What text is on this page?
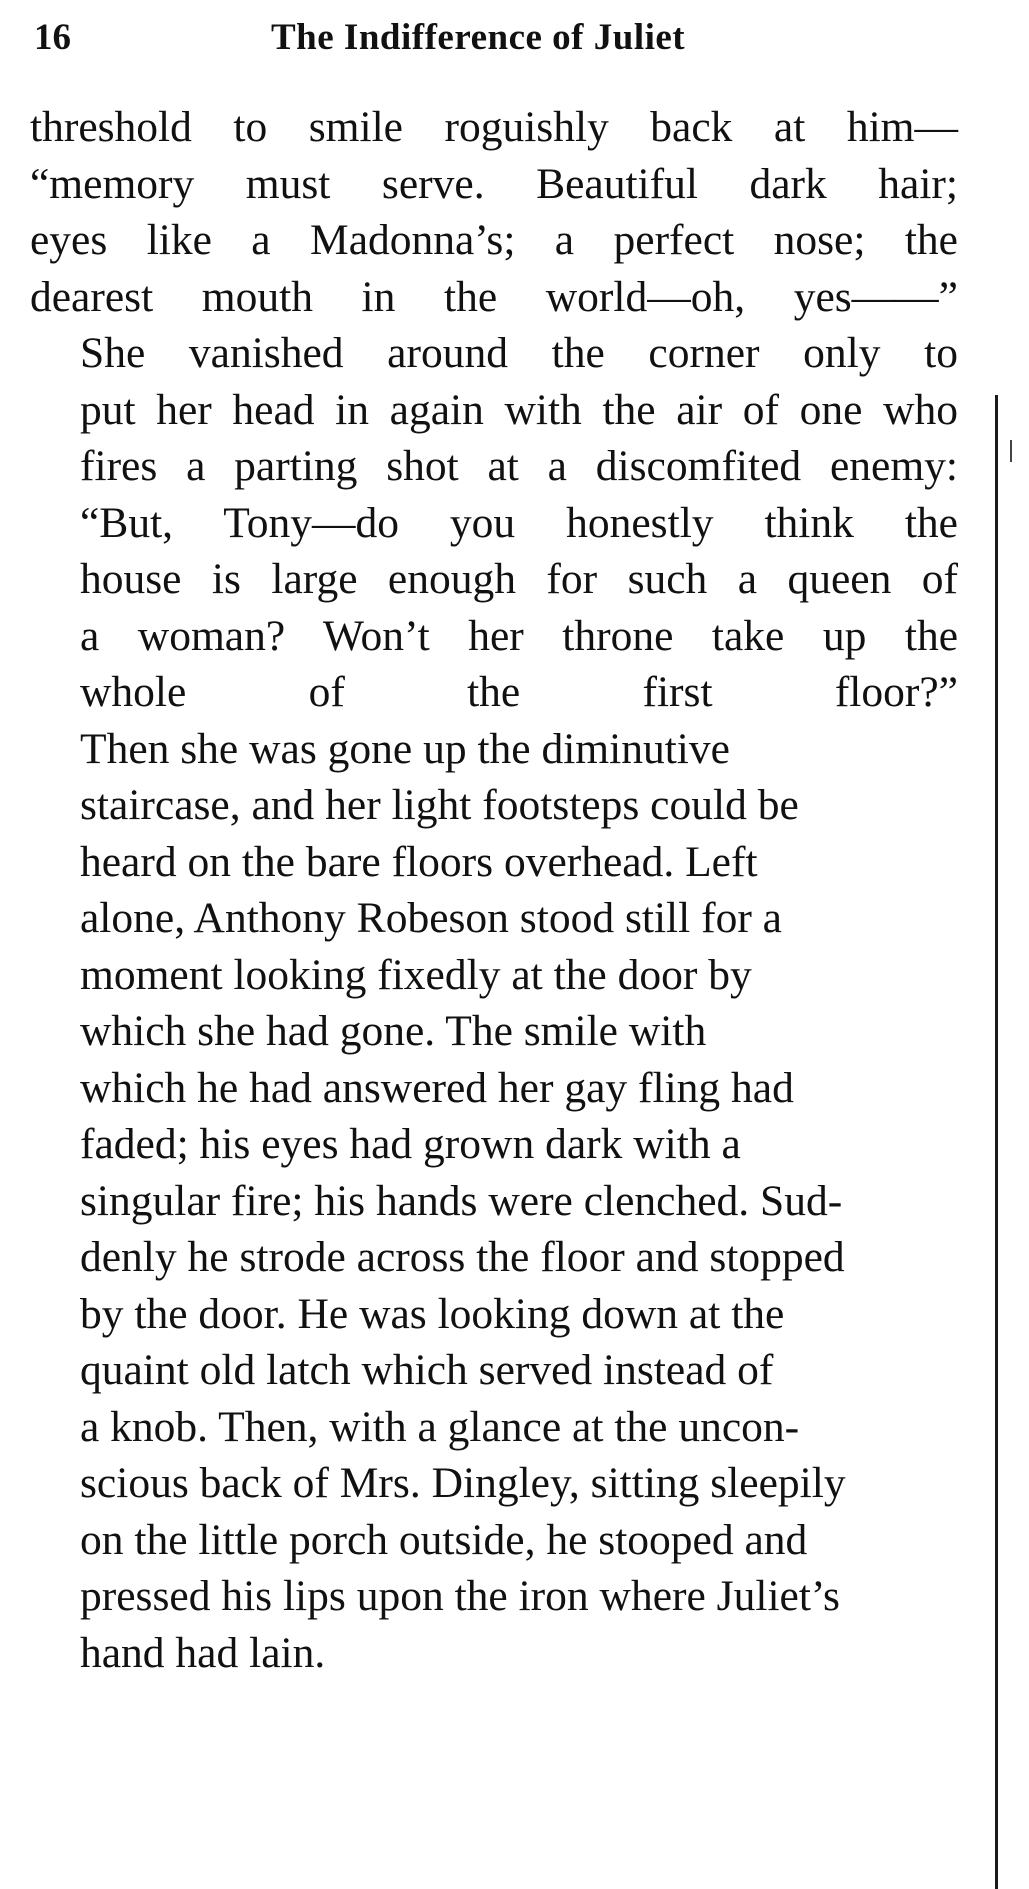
16	The Indifference of Juliet

threshold to smile roguishly back at him—
“memory must serve. Beautiful dark hair;
eyes like a Madonna’s; a perfect nose; the
dearest mouth in the world—oh, yes——”

She vanished around the corner only to
put her head in again with the air of one who
fires a parting shot at a discomfited enemy:
“But, Tony—do you honestly think the
house is large enough for such a queen of
a woman? Won’t her throne take up the
whole of the first floor?”

Then she was gone up the diminutive
staircase, and her light footsteps could be
heard on the bare floors overhead. Left
alone, Anthony Robeson stood still for a
moment looking fixedly at the door by
which she had gone. The smile with
which he had answered her gay fling had
faded; his eyes had grown dark with a
singular fire; his hands were clenched. Sud-
denly he strode across the floor and stopped
by the door. He was looking down at the
quaint old latch which served instead of
a knob. Then, with a glance at the uncon-
scious back of Mrs. Dingley, sitting sleepily
on the little porch outside, he stooped and
pressed his lips upon the iron where Juliet’s
hand had lain.
